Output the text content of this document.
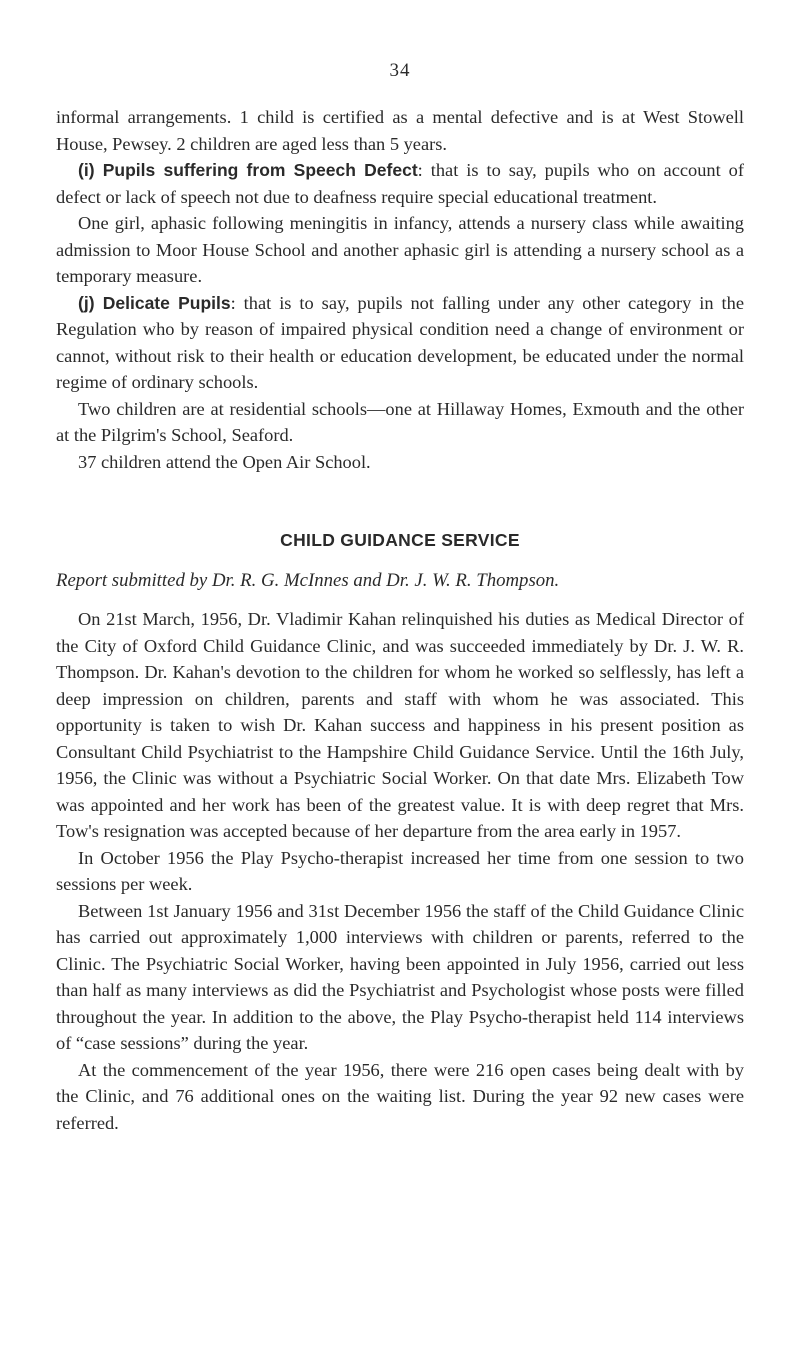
34

informal arrangements. 1 child is certified as a mental defective and is at West Stowell House, Pewsey. 2 children are aged less than 5 years.

(i) Pupils suffering from Speech Defect: that is to say, pupils who on account of defect or lack of speech not due to deafness require special educational treatment.

One girl, aphasic following meningitis in infancy, attends a nursery class while awaiting admission to Moor House School and another aphasic girl is attending a nursery school as a temporary measure.

(j) Delicate Pupils: that is to say, pupils not falling under any other category in the Regulation who by reason of impaired physical condition need a change of environment or cannot, without risk to their health or education development, be educated under the normal regime of ordinary schools.

Two children are at residential schools—one at Hillaway Homes, Exmouth and the other at the Pilgrim's School, Seaford.

37 children attend the Open Air School.

CHILD GUIDANCE SERVICE

Report submitted by Dr. R. G. McInnes and Dr. J. W. R. Thompson.

On 21st March, 1956, Dr. Vladimir Kahan relinquished his duties as Medical Director of the City of Oxford Child Guidance Clinic, and was succeeded immediately by Dr. J. W. R. Thompson. Dr. Kahan's devotion to the children for whom he worked so selflessly, has left a deep impression on children, parents and staff with whom he was associated. This opportunity is taken to wish Dr. Kahan success and happiness in his present position as Consultant Child Psychiatrist to the Hampshire Child Guidance Service. Until the 16th July, 1956, the Clinic was without a Psychiatric Social Worker. On that date Mrs. Elizabeth Tow was appointed and her work has been of the greatest value. It is with deep regret that Mrs. Tow's resignation was accepted because of her departure from the area early in 1957.

In October 1956 the Play Psycho-therapist increased her time from one session to two sessions per week.

Between 1st January 1956 and 31st December 1956 the staff of the Child Guidance Clinic has carried out approximately 1,000 interviews with children or parents, referred to the Clinic. The Psychiatric Social Worker, having been appointed in July 1956, carried out less than half as many interviews as did the Psychiatrist and Psychologist whose posts were filled throughout the year. In addition to the above, the Play Psycho-therapist held 114 interviews of “case sessions” during the year.

At the commencement of the year 1956, there were 216 open cases being dealt with by the Clinic, and 76 additional ones on the waiting list. During the year 92 new cases were referred.
